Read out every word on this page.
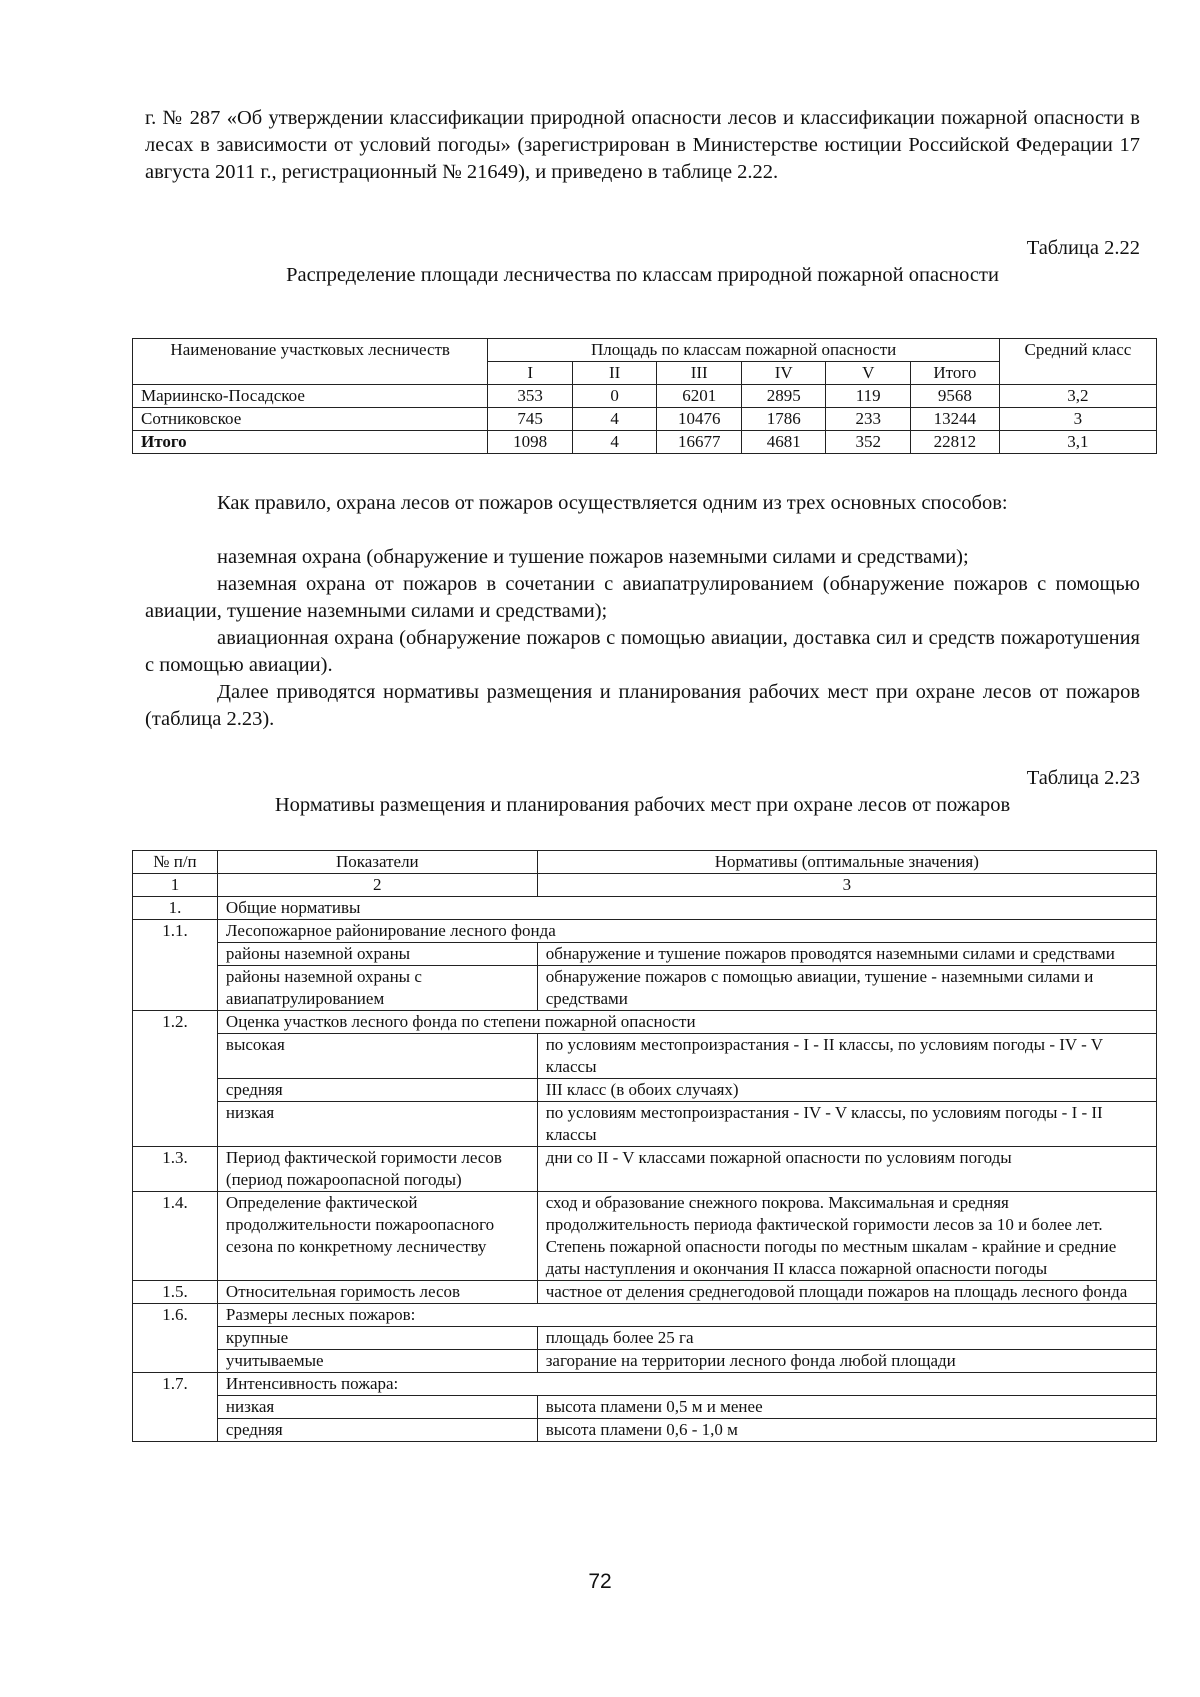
г. № 287 «Об утверждении классификации природной опасности лесов и классификации пожарной опасности в лесах в зависимости от условий погоды» (зарегистрирован в Министерстве юстиции Российской Федерации 17 августа 2011 г., регистрационный № 21649), и приведено в таблице 2.22.

Таблица 2.22
Распределение площади лесничества по классам природной пожарной опасности
Наименование участковых лесничеств	Площадь по классам пожарной опасности						Средний класс
	I	II	III	IV	V	Итого	
Мариинско-Посадское	353	0	6201	2895	119	9568	3,2
Сотниковское	745	4	10476	1786	233	13244	3
Итого	1098	4	16677	4681	352	22812	3,1

Как правило, охрана лесов от пожаров осуществляется одним из трех основных способов:

наземная охрана (обнаружение и тушение пожаров наземными силами и средствами);

наземная охрана от пожаров в сочетании с авиапатрулированием (обнаружение пожаров с помощью авиации, тушение наземными силами и средствами);

авиационная охрана (обнаружение пожаров с помощью авиации, доставка сил и средств пожаротушения с помощью авиации).

Далее приводятся нормативы размещения и планирования рабочих мест при охране лесов от пожаров (таблица 2.23).

Таблица 2.23
Нормативы размещения и планирования рабочих мест при охране лесов от пожаров
№ п/п	Показатели	Нормативы (оптимальные значения)
1	2	3
1.	Общие нормативы	
1.1.	Лесопожарное районирование лесного фонда	
	районы наземной охраны	обнаружение и тушение пожаров проводятся наземными силами и средствами
	районы наземной охраны с авиапатрулированием	обнаружение пожаров с помощью авиации, тушение - наземными силами и средствами
1.2.	Оценка участков лесного фонда по степени пожарной опасности	
	высокая	по условиям местопроизрастания - I - II классы, по условиям погоды - IV - V классы
	средняя	III класс (в обоих случаях)
	низкая	по условиям местопроизрастания - IV - V классы, по условиям погоды - I - II классы
1.3.	Период фактической горимости лесов (период пожароопасной погоды)	дни со II - V классами пожарной опасности по условиям погоды
1.4.	Определение фактической продолжительности пожароопасного сезона по конкретному лесничеству	сход и образование снежного покрова. Максимальная и средняя продолжительность периода фактической горимости лесов за 10 и более лет. Степень пожарной опасности погоды по местным шкалам - крайние и средние даты наступления и окончания II класса пожарной опасности погоды
1.5.	Относительная горимость лесов	частное от деления среднегодовой площади пожаров на площадь лесного фонда
1.6.	Размеры лесных пожаров:	
	крупные	площадь более 25 га
	учитываемые	загорание на территории лесного фонда любой площади
1.7.	Интенсивность пожара:	
	низкая	высота пламени 0,5 м и менее
	средняя	высота пламени 0,6 - 1,0 м
72
